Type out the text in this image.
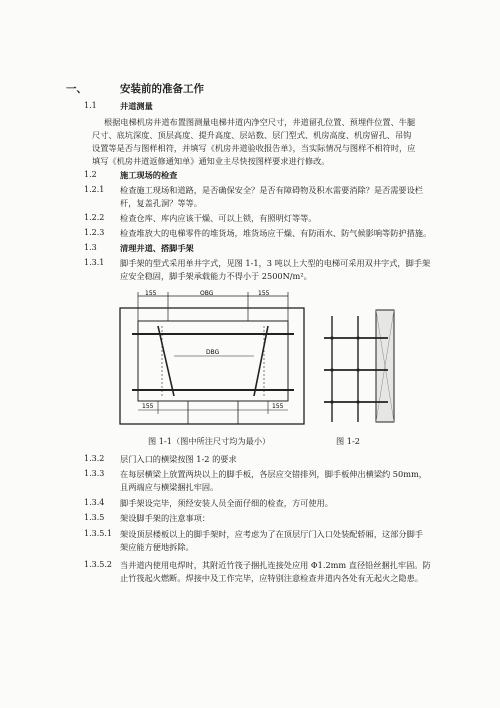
一、	安装前的准备工作
1.1	井道测量
根据电梯机房井道布置图测量电梯井道内净空尺寸，井道留孔位置、预埋件位置、牛腿
尺寸、底坑深度、顶层高度、提升高度、层站数、层门型式、机房高度、机房留孔、吊钩
设置等是否与图样相符，并填写《机房井道验收报告单》，当实际情况与图样不相符时，应
填写《机房井道返修通知单》通知业主尽快按图样要求进行修改。
1.2	施工现场的检查
1.2.1 检查施工现场和道路，是否确保安全？是否有障碍物及积水需要消除？是否需要设栏
杆，复盖孔洞？等等。
1.2.2 检查仓库、库内应该干燥、可以上锁，有照明灯等等。
1.2.3 检查堆放大的电梯零件的堆货场，堆货场应干燥、有防雨水、防气候影响等防护措施。
1.3	清理井道、搭脚手架
1.3.1 脚手架的型式采用单井字式，见图 1-1，3 吨以上大型的电梯可采用双井字式，脚手架
应安全稳固，脚手架承载能力不得小于 2500N/m²。
155	OBG	155
DBG
155	155
图 1-1（图中所注尺寸均为最小）	图 1-2
1.3.2 层门入口的横梁按图 1-2 的要求
1.3.3 在每层横梁上放置两块以上的脚手板，各层应交错排列，脚手板伸出横梁约 50mm，
且两端应与横梁捆扎牢固。
1.3.4 脚手架设完毕，须经安装人员全面仔细的检查，方可使用。
1.3.5 架设脚手架的注意事项：
1.3.5.1 架设顶层楼板以上的脚手架时，应考虑为了在顶层厅门入口处装配轿厢，这部分脚手
架应能方便地拆除。
1.3.5.2 当井道内使用电焊时，其附近竹筏子捆扎连接处应用 Φ1.2mm 直径铅丝捆扎牢固。防
止竹筏起火燃断。焊接中及工作完毕，应特别注意检查井道内各处有无起火之隐患。
